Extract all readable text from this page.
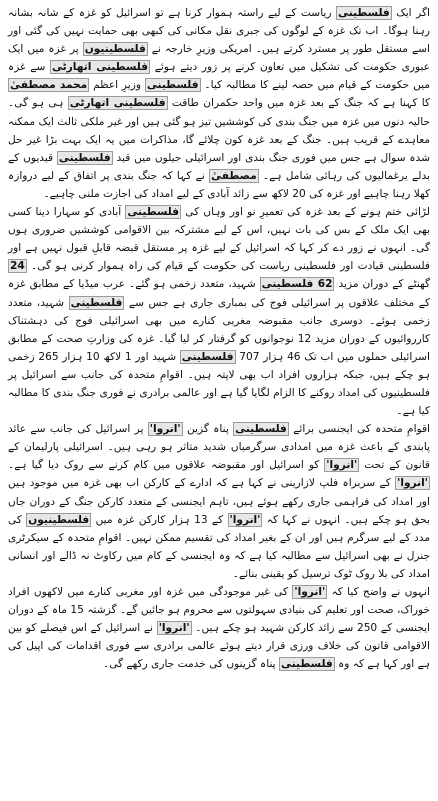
اگر ایک فلسطینی ریاست کے لیے راستہ ہموار کرنا ہے تو اسرائیل کو غزہ کے شانہ بشانہ رہنا ہوگا۔ اب تک غزہ کے لوگوں کی جبری نقل مکانی کی کبھی بھی حمایت نہیں کی گئی اور اسے مستقل طور پر مسترد کرتے ہیں۔ امریکی وزیرِ خارجہ نے فلسطینیوں پر غزہ میں ایک عبوری حکومت کی تشکیل میں تعاون کرنے پر زور دیتے ہوئے فلسطینی اتھارٹی سے غزہ میں حکومت کے قیام میں حصہ لینے کا مطالبہ کیا۔ فلسطینی وزیرِ اعظم محمد مصطفیٰ کا کہنا ہے کہ جنگ کے بعد غزہ میں واحد حکمران طاقت فلسطینی اتھارٹی ہی ہو گی۔ حالیہ دنوں میں غزہ میں جنگ بندی کی کوششیں تیز ہو گئی ہیں اور غیر ملکی ثالث ایک ممکنہ معاہدے کے قریب ہیں۔ جنگ کے بعد غزہ کون چلائے گا، مذاکرات میں یہ ایک بہت بڑا غیر حل شدہ سوال ہے جس میں فوری جنگ بندی اور اسرائیلی جیلوں میں قید فلسطینی قیدیوں کے بدلے یرغمالیوں کی رہائی شامل ہے۔ مصطفیٰ نے کہا کہ جنگ بندی پر اتفاق کے لیے دروازہ کھلا رہنا چاہیے اور غزہ کی 20 لاکھ سے زائد آبادی کے لیے امداد کی اجازت ملنی چاہیے۔

لڑائی ختم ہونے کے بعد غزہ کی تعمیرِ نو اور وہاں کی فلسطینی آبادی کو سہارا دینا کسی بھی ایک ملک کے بس کی بات نہیں، اس کے لیے مشترکہ بین الاقوامی کوششیں ضروری ہوں گی۔ انہوں نے زور دے کر کہا کہ اسرائیل کے لیے غزہ پر مستقل قبضہ قابلِ قبول نہیں ہے اور فلسطینی قیادت اور فلسطینی ریاست کی حکومت کے قیام کی راہ ہموار کرنی ہو گی۔ 24 گھنٹے کے دوران مزید 62 فلسطینی شہید، متعدد زخمی ہو گئے۔ عرب میڈیا کے مطابق غزہ کے مختلف علاقوں پر اسرائیلی فوج کی بمباری جاری ہے جس سے فلسطینی شہید، متعدد زخمی ہوئے۔ دوسری جانب مقبوضہ مغربی کنارے میں بھی اسرائیلی فوج کی دہشتناک کارروائیوں کے دوران مزید 12 نوجوانوں کو گرفتار کر لیا گیا۔ غزہ کی وزارتِ صحت کے مطابق اسرائیلی حملوں میں اب تک 46 ہزار 707 فلسطینی شہید اور 1 لاکھ 10 ہزار 265 زخمی ہو چکے ہیں، جبکہ ہزاروں افراد اب بھی لاپتہ ہیں۔ اقوامِ متحدہ کی جانب سے اسرائیل پر فلسطینیوں کی امداد روکنے کا الزام لگایا گیا ہے اور عالمی برادری نے فوری جنگ بندی کا مطالبہ کیا ہے۔

اقوامِ متحدہ کی ایجنسی برائے فلسطینی پناہ گزین 'انروا' پر اسرائیل کی جانب سے عائد پابندی کے باعث غزہ میں امدادی سرگرمیاں شدید متاثر ہو رہی ہیں۔ اسرائیلی پارلیمان کے قانون کے تحت 'انروا' کو اسرائیل اور مقبوضہ علاقوں میں کام کرنے سے روک دیا گیا ہے۔ 'انروا' کے سربراہ فلپ لازارینی نے کہا ہے کہ ادارے کے کارکن اب بھی غزہ میں موجود ہیں اور امداد کی فراہمی جاری رکھے ہوئے ہیں، تاہم ایجنسی کے متعدد کارکن جنگ کے دوران جاں بحق ہو چکے ہیں۔ انہوں نے کہا کہ 'انروا' کے 13 ہزار کارکن غزہ میں فلسطینیوں کی مدد کے لیے سرگرم ہیں اور ان کے بغیر امداد کی تقسیم ممکن نہیں۔ اقوامِ متحدہ کے سیکرٹری جنرل نے بھی اسرائیل سے مطالبہ کیا ہے کہ وہ ایجنسی کے کام میں رکاوٹ نہ ڈالے اور انسانی امداد کی بلا روک ٹوک ترسیل کو یقینی بنائے۔

انہوں نے واضح کیا کہ 'انروا' کی غیر موجودگی میں غزہ اور مغربی کنارے میں لاکھوں افراد خوراک، صحت اور تعلیم کی بنیادی سہولتوں سے محروم ہو جائیں گے۔ گزشتہ 15 ماہ کے دوران ایجنسی کے 250 سے زائد کارکن شہید ہو چکے ہیں۔ 'انروا' نے اسرائیل کے اس فیصلے کو بین الاقوامی قانون کی خلاف ورزی قرار دیتے ہوئے عالمی برادری سے فوری اقدامات کی اپیل کی ہے اور کہا ہے کہ وہ فلسطینی پناہ گزینوں کی خدمت جاری رکھے گی۔
